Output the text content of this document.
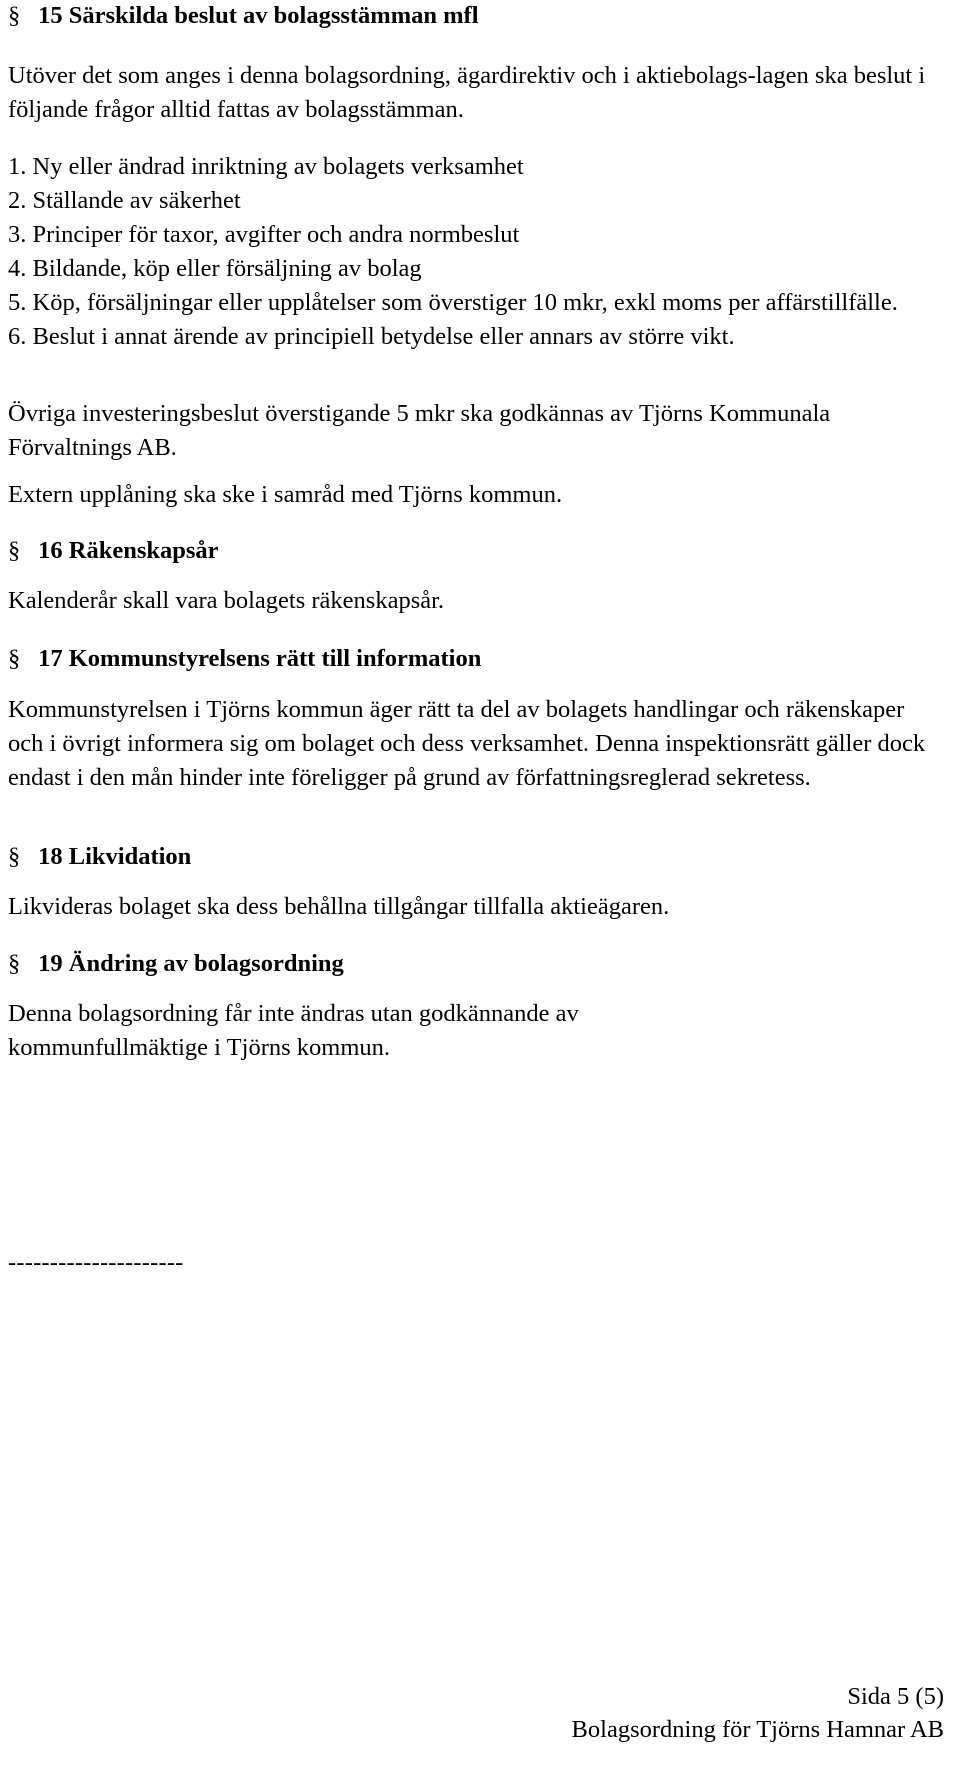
§ 15 Särskilda beslut av bolagsstämman mfl

Utöver det som anges i denna bolagsordning, ägardirektiv och i aktiebolags-lagen ska beslut i följande frågor alltid fattas av bolagsstämman.

1. Ny eller ändrad inriktning av bolagets verksamhet
2. Ställande av säkerhet
3. Principer för taxor, avgifter och andra normbeslut
4. Bildande, köp eller försäljning av bolag
5. Köp, försäljningar eller upplåtelser som överstiger 10 mkr, exkl moms per affärstillfälle.
6. Beslut i annat ärende av principiell betydelse eller annars av större vikt.

Övriga investeringsbeslut överstigande 5 mkr ska godkännas av Tjörns Kommunala Förvaltnings AB.

Extern upplåning ska ske i samråd med Tjörns kommun.

§ 16 Räkenskapsår

Kalenderår skall vara bolagets räkenskapsår.

§ 17 Kommunstyrelsens rätt till information

Kommunstyrelsen i Tjörns kommun äger rätt ta del av bolagets handlingar och räkenskaper och i övrigt informera sig om bolaget och dess verksamhet. Denna inspektionsrätt gäller dock endast i den mån hinder inte föreligger på grund av författningsreglerad sekretess.

§ 18 Likvidation

Likvideras bolaget ska dess behållna tillgångar tillfalla aktieägaren.

§ 19 Ändring av bolagsordning

Denna bolagsordning får inte ändras utan godkännande av kommunfullmäktige i Tjörns kommun.

---------------------

Sida 5 (5)

Bolagsordning för Tjörns Hamnar AB
